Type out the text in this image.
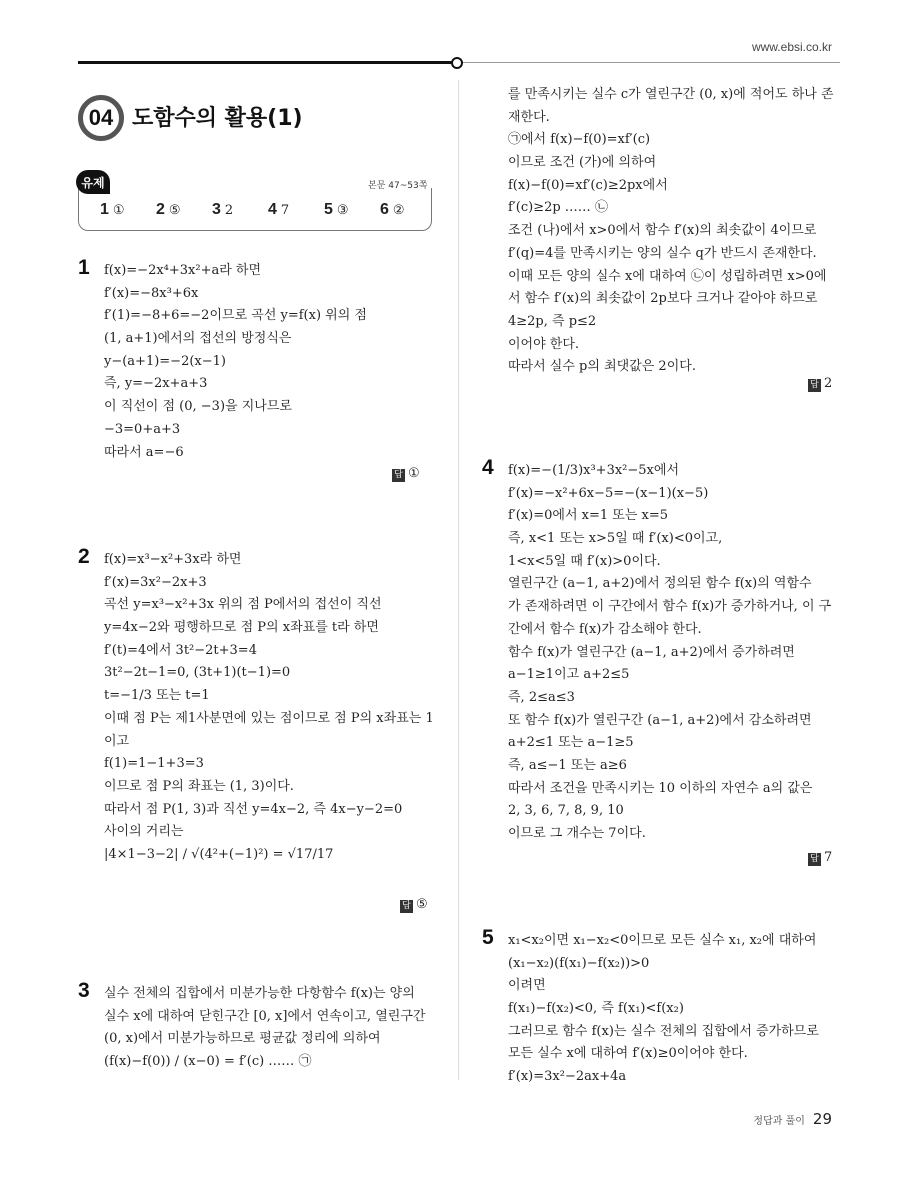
www.ebsi.co.kr
04 도함수의 활용(1)
유제	본문 47~53쪽
1 ①	2 ⑤	3 2	4 7	5 ③	6 ②
1 f(x)=−2x⁴+3x²+a라 하면
f′(x)=−8x³+6x
f′(1)=−8+6=−2이므로 곡선 y=f(x) 위의 점
(1, a+1)에서의 접선의 방정식은
y−(a+1)=−2(x−1)
즉, y=−2x+a+3
이 직선이 점 (0, −3)을 지나므로
−3=0+a+3
따라서 a=−6
답 ①
2 f(x)=x³−x²+3x라 하면
f′(x)=3x²−2x+3
곡선 y=x³−x²+3x 위의 점 P에서의 접선이 직선
y=4x−2와 평행하므로 점 P의 x좌표를 t라 하면
f′(t)=4에서 3t²−2t+3=4
3t²−2t−1=0, (3t+1)(t−1)=0
t=−1/3 또는 t=1
이때 점 P는 제1사분면에 있는 점이므로 점 P의 x좌표는 1
이고
f(1)=1−1+3=3
이므로 점 P의 좌표는 (1, 3)이다.
따라서 점 P(1, 3)과 직선 y=4x−2, 즉 4x−y−2=0
사이의 거리는
|4×1−3−2| / √(4²+(−1)²) = √17/17
답 ⑤
3 실수 전체의 집합에서 미분가능한 다항함수 f(x)는 양의
실수 x에 대하여 닫힌구간 [0, x]에서 연속이고, 열린구간
(0, x)에서 미분가능하므로 평균값 정리에 의하여
(f(x)−f(0)) / (x−0) = f′(c) …… ㉠
를 만족시키는 실수 c가 열린구간 (0, x)에 적어도 하나 존
재한다.
㉠에서 f(x)−f(0)=xf′(c)
이므로 조건 (가)에 의하여
f(x)−f(0)=xf′(c)≥2px에서
f′(c)≥2p …… ㉡
조건 (나)에서 x>0에서 함수 f′(x)의 최솟값이 4이므로
f′(q)=4를 만족시키는 양의 실수 q가 반드시 존재한다.
이때 모든 양의 실수 x에 대하여 ㉡이 성립하려면 x>0에
서 함수 f′(x)의 최솟값이 2p보다 크거나 같아야 하므로
4≥2p, 즉 p≤2
이어야 한다.
따라서 실수 p의 최댓값은 2이다.
답 2
4 f(x)=−(1/3)x³+3x²−5x에서
f′(x)=−x²+6x−5=−(x−1)(x−5)
f′(x)=0에서 x=1 또는 x=5
즉, x<1 또는 x>5일 때 f′(x)<0이고,
1<x<5일 때 f′(x)>0이다.
열린구간 (a−1, a+2)에서 정의된 함수 f(x)의 역함수
가 존재하려면 이 구간에서 함수 f(x)가 증가하거나, 이 구
간에서 함수 f(x)가 감소해야 한다.
함수 f(x)가 열린구간 (a−1, a+2)에서 증가하려면
a−1≥1이고 a+2≤5
즉, 2≤a≤3
또 함수 f(x)가 열린구간 (a−1, a+2)에서 감소하려면
a+2≤1 또는 a−1≥5
즉, a≤−1 또는 a≥6
따라서 조건을 만족시키는 10 이하의 자연수 a의 값은
2, 3, 6, 7, 8, 9, 10
이므로 그 개수는 7이다.
답 7
5 x₁<x₂이면 x₁−x₂<0이므로 모든 실수 x₁, x₂에 대하여
(x₁−x₂)(f(x₁)−f(x₂))>0
이려면
f(x₁)−f(x₂)<0, 즉 f(x₁)<f(x₂)
그러므로 함수 f(x)는 실수 전체의 집합에서 증가하므로
모든 실수 x에 대하여 f′(x)≥0이어야 한다.
f′(x)=3x²−2ax+4a
정답과 풀이 29
